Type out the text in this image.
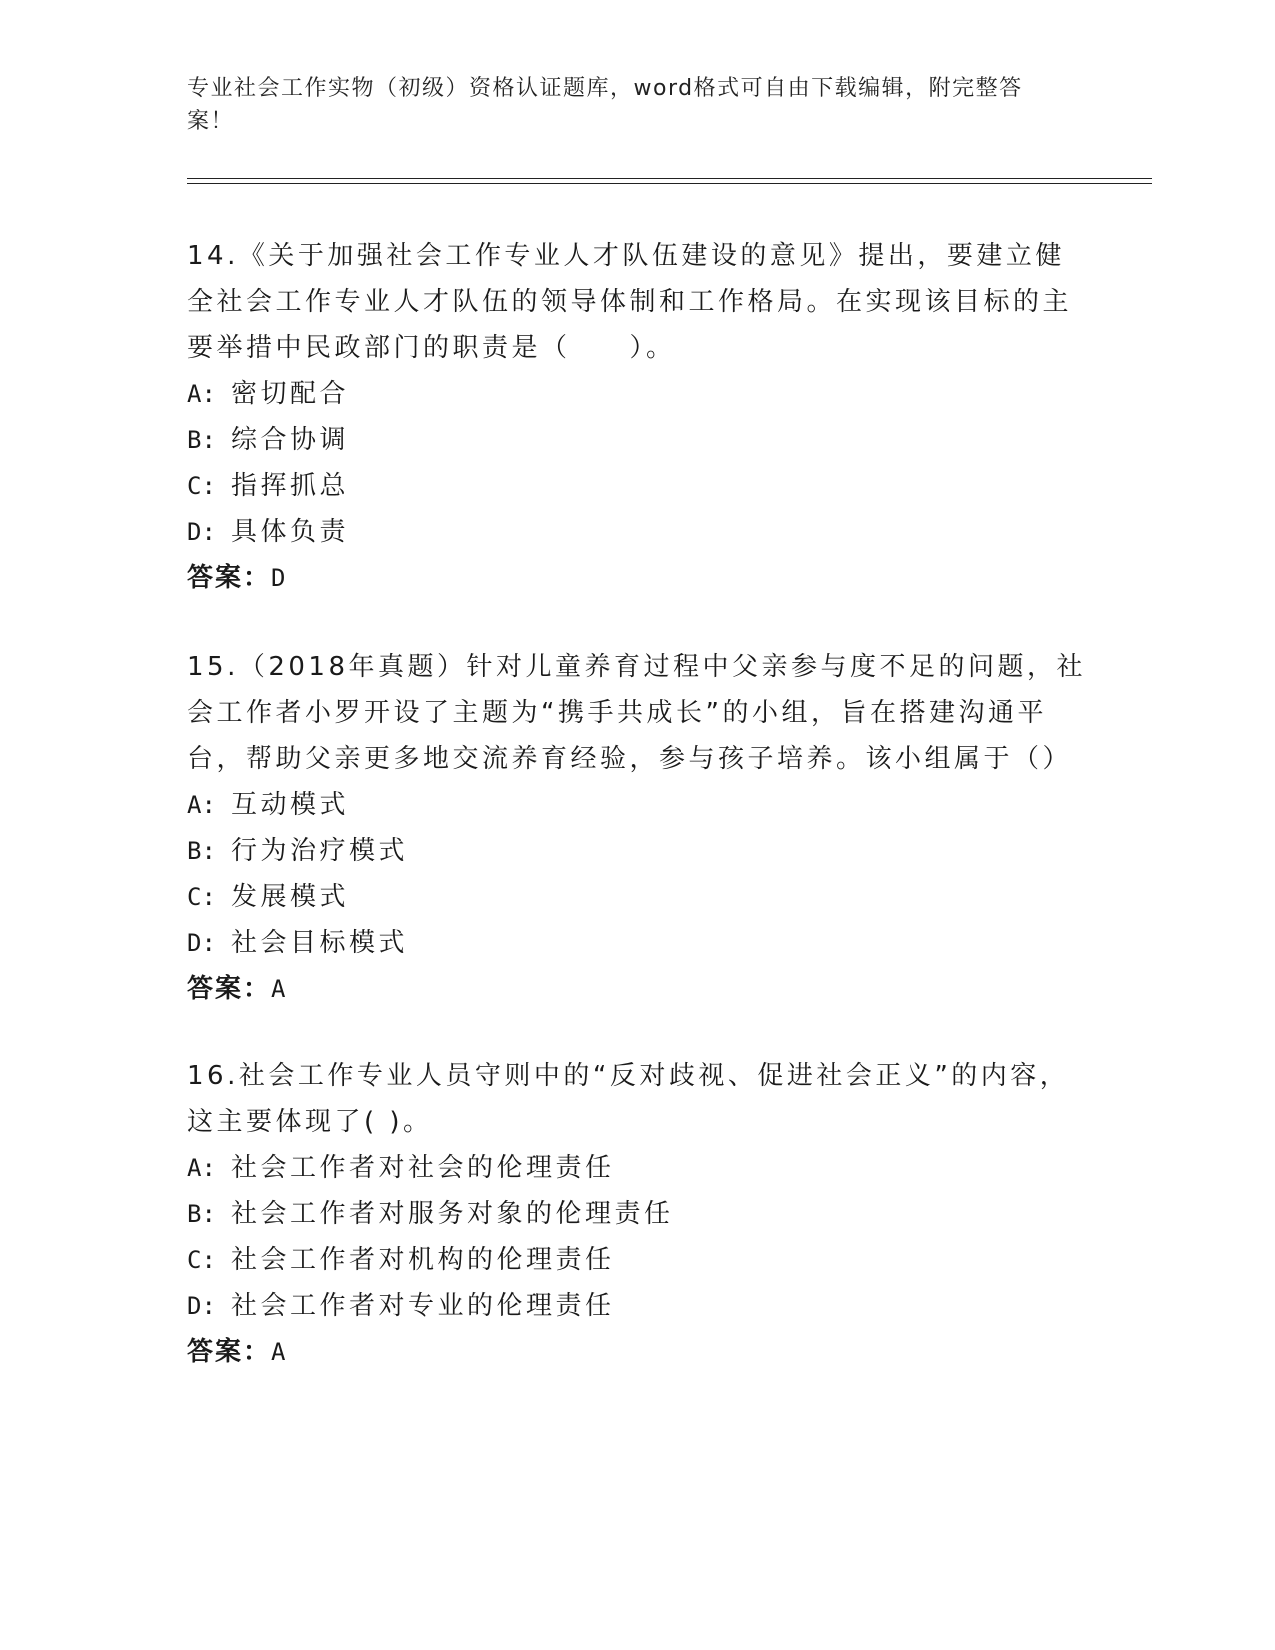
专业社会工作实物（初级）资格认证题库，word格式可自由下载编辑，附完整答案！

14.《关于加强社会工作专业人才队伍建设的意见》提出，要建立健全社会工作专业人才队伍的领导体制和工作格局。在实现该目标的主要举措中民政部门的职责是（　　）。

A: 密切配合
B: 综合协调
C: 指挥抓总
D: 具体负责
答案：D

15.（2018年真题）针对儿童养育过程中父亲参与度不足的问题，社会工作者小罗开设了主题为“携手共成长”的小组，旨在搭建沟通平台，帮助父亲更多地交流养育经验，参与孩子培养。该小组属于（）

A: 互动模式
B: 行为治疗模式
C: 发展模式
D: 社会目标模式
答案：A

16.社会工作专业人员守则中的“反对歧视、促进社会正义”的内容，这主要体现了( )。

A: 社会工作者对社会的伦理责任
B: 社会工作者对服务对象的伦理责任
C: 社会工作者对机构的伦理责任
D: 社会工作者对专业的伦理责任
答案：A
